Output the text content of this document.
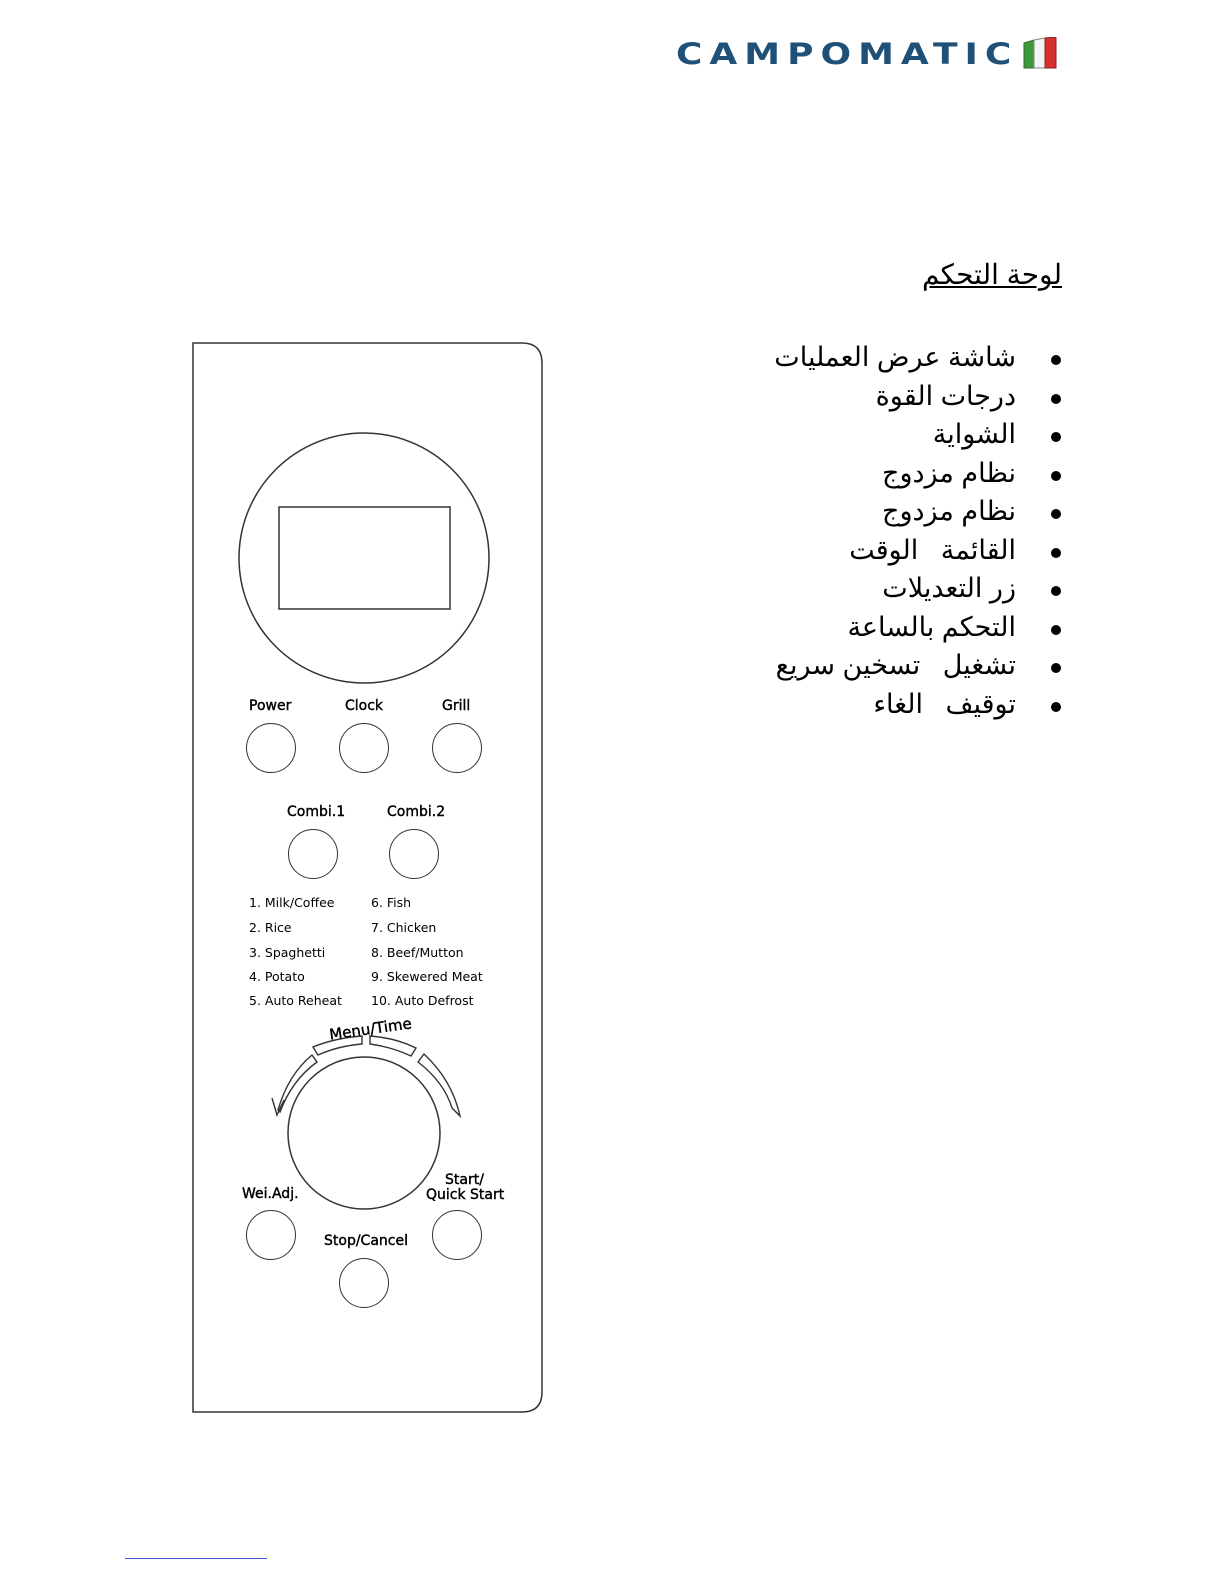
CAMPOMATIC
لوحة التحكم
شاشة عرض العمليات
درجات القوة
الشواية
نظام مزدوج
نظام مزدوج
القائمة   الوقت
زر التعديلات
التحكم بالساعة
تشغيل   تسخين سريع
توقيف   الغاء
Power	Clock	Grill
Combi.1	Combi.2
1. Milk/Coffee
2. Rice
3. Spaghetti
4. Potato
5. Auto Reheat
6. Fish
7. Chicken
8. Beef/Mutton
9. Skewered Meat
10. Auto Defrost
Menu/Time
Wei.Adj.
Start/
Quick Start
Stop/Cancel
